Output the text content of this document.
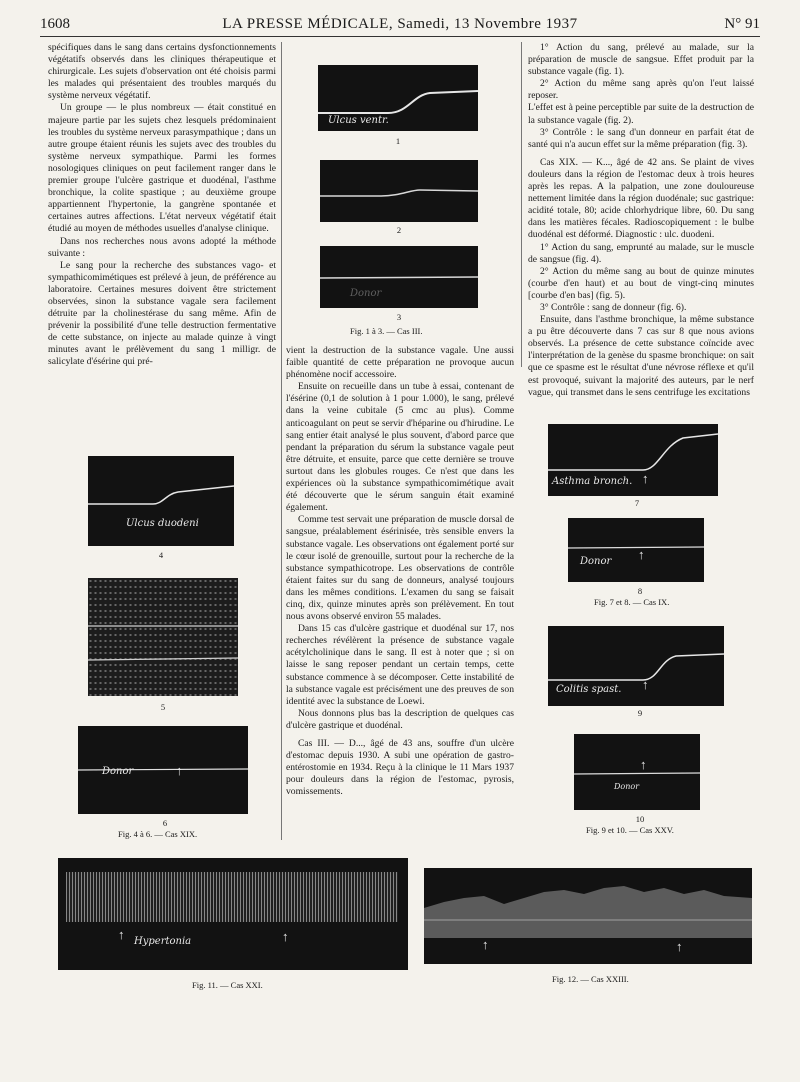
1608	LA PRESSE MÉDICALE, Samedi, 13 Novembre 1937	N° 91

spécifiques dans le sang dans certains dysfonctionnements végétatifs observés dans les cliniques thérapeutique et chirurgicale. Les sujets d'observation ont été choisis parmi les malades qui présentaient des troubles marqués du système nerveux végétatif.

Un groupe — le plus nombreux — était constitué en majeure partie par les sujets chez lesquels prédominaient les troubles du système nerveux parasympathique ; dans un autre groupe étaient réunis les sujets avec des troubles du système nerveux sympathique. Parmi les formes nosologiques cliniques on peut facilement ranger dans le premier groupe l'ulcère gastrique et duodénal, l'asthme bronchique, la colite spastique ; au deuxième groupe appartiennent l'hypertonie, la gangrène spontanée et certaines autres affections. L'état nerveux végétatif était étudié au moyen de méthodes usuelles d'analyse clinique.

Dans nos recherches nous avons adopté la méthode suivante :

Le sang pour la recherche des substances vago- et sympathicomimétiques est prélevé à jeun, de préférence au laboratoire. Certaines mesures doivent être strictement observées, sinon la substance vagale sera facilement détruite par la cholinestérase du sang même. Afin de prévenir la possibilité d'une telle destruction fermentative de cette substance, on injecte au malade quinze à vingt minutes avant le prélèvement du sang 1 milligr. de salicylate d'ésérine qui pré-

vient la destruction de la substance vagale. Une aussi faible quantité de cette préparation ne provoque aucun phénomène nocif accessoire.

Ensuite on recueille dans un tube à essai, contenant de l'ésérine (0,1 de solution à 1 pour 1.000), le sang, prélevé dans la veine cubitale (5 cmc au plus). Comme anticoagulant on peut se servir d'héparine ou d'hirudine. Le sang entier était analysé le plus souvent, d'abord parce que pendant la préparation du sérum la substance vagale peut être détruite, et ensuite, parce que cette dernière se trouve surtout dans les globules rouges. Ce n'est que dans les expériences où la substance sympathicomimétique avait été découverte que le sérum sanguin était examiné également.

Comme test servait une préparation de muscle dorsal de sangsue, préalablement ésérinisée, très sensible envers la substance vagale. Les observations ont également porté sur le cœur isolé de grenouille, surtout pour la recherche de la substance sympathicotrope. Les observations de contrôle étaient faites sur du sang de donneurs, analysé toujours dans les mêmes conditions. L'examen du sang se faisait cinq, dix, quinze minutes après son prélèvement. En tout nous avons observé environ 55 malades.

Dans 15 cas d'ulcère gastrique et duodénal sur 17, nos recherches révélèrent la présence de substance vagale acétylcholinique dans le sang. Il est à noter que ; si on laisse le sang reposer pendant un certain temps, cette substance commence à se décomposer. Cette instabilité de la substance vagale est précisément une des preuves de son identité avec la substance de Loewi.

Nous donnons plus bas la description de quelques cas d'ulcère gastrique et duodénal.

Cas III. — D..., âgé de 43 ans, souffre d'un ulcère d'estomac depuis 1930. A subi une opération de gastro-entérostomie en 1934. Reçu à la clinique le 11 Mars 1937 pour douleurs dans la région de l'estomac, pyrosis, vomissements.

1° Action du sang, prélevé au malade, sur la préparation de muscle de sangsue. Effet produit par la substance vagale (fig. 1).

2° Action du même sang après qu'on l'eut laissé reposer.

L'effet est à peine perceptible par suite de la destruction de la substance vagale (fig. 2).

3° Contrôle : le sang d'un donneur en parfait état de santé qui n'a aucun effet sur la même préparation (fig. 3).

Cas XIX. — K..., âgé de 42 ans. Se plaint de vives douleurs dans la région de l'estomac deux à trois heures après les repas. A la palpation, une zone douloureuse nettement limitée dans la région duodénale; suc gastrique: acidité totale, 80; acide chlorhydrique libre, 60. Du sang dans les matières fécales. Radioscopiquement : le bulbe duodénal est déformé. Diagnostic : ulc. duodeni.

1° Action du sang, emprunté au malade, sur le muscle de sangsue (fig. 4).

2° Action du même sang au bout de quinze minutes (courbe d'en haut) et au bout de vingt-cinq minutes [courbe d'en bas] (fig. 5).

3° Contrôle : sang de donneur (fig. 6).

Ensuite, dans l'asthme bronchique, la même substance a pu être découverte dans 7 cas sur 8 que nous avions observés. La présence de cette substance coïncide avec l'interprétation de la genèse du spasme bronchique: on sait que ce spasme est le résultat d'une névrose réflexe et qu'il est provoqué, suivant la majorité des auteurs, par le nerf vague, qui transmet dans le sens centrifuge les excitations

Ulcus ventr.
1
2
Donor
3
Fig. 1 à 3. — Cas III.
Ulcus duodeni
4
5
Donor	↑
6
Fig. 4 à 6. — Cas XIX.
Asthma bronch. ↑
7
Donor ↑
8
Fig. 7 et 8. — Cas IX.
Colitis spast. ↑
9
Donor
↑
10
Fig. 9 et 10. — Cas XXV.
Hypertonia
↑	↑
Fig. 11. — Cas XXI.
↑	↑
Fig. 12. — Cas XXIII.
